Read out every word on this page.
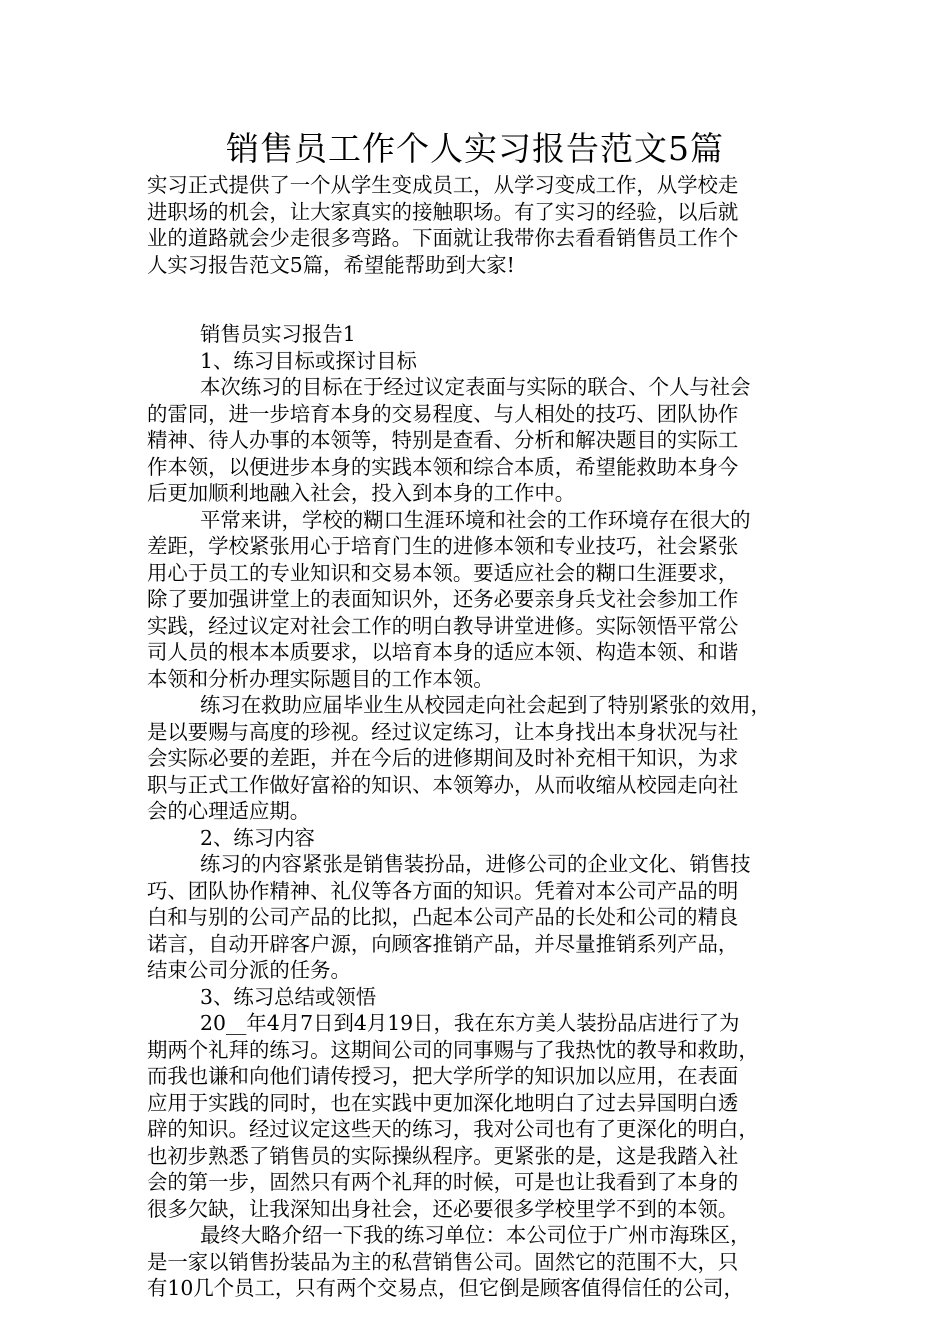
销售员工作个人实习报告范文5篇
实习正式提供了一个从学生变成员工，从学习变成工作，从学校走
进职场的机会，让大家真实的接触职场。有了实习的经验，以后就
业的道路就会少走很多弯路。下面就让我带你去看看销售员工作个
人实习报告范文5篇，希望能帮助到大家!
销售员实习报告1
1、练习目标或探讨目标
本次练习的目标在于经过议定表面与实际的联合、个人与社会
的雷同，进一步培育本身的交易程度、与人相处的技巧、团队协作
精神、待人办事的本领等，特别是查看、分析和解决题目的实际工
作本领，以便进步本身的实践本领和综合本质，希望能救助本身今
后更加顺利地融入社会，投入到本身的工作中。
平常来讲，学校的糊口生涯环境和社会的工作环境存在很大的
差距，学校紧张用心于培育门生的进修本领和专业技巧，社会紧张
用心于员工的专业知识和交易本领。要适应社会的糊口生涯要求，
除了要加强讲堂上的表面知识外，还务必要亲身兵戈社会参加工作
实践，经过议定对社会工作的明白教导讲堂进修。实际领悟平常公
司人员的根本本质要求，以培育本身的适应本领、构造本领、和谐
本领和分析办理实际题目的工作本领。
练习在救助应届毕业生从校园走向社会起到了特别紧张的效用，
是以要赐与高度的珍视。经过议定练习，让本身找出本身状况与社
会实际必要的差距，并在今后的进修期间及时补充相干知识，为求
职与正式工作做好富裕的知识、本领筹办，从而收缩从校园走向社
会的心理适应期。
2、练习内容
练习的内容紧张是销售装扮品，进修公司的企业文化、销售技
巧、团队协作精神、礼仪等各方面的知识。凭着对本公司产品的明
白和与别的公司产品的比拟，凸起本公司产品的长处和公司的精良
诺言，自动开辟客户源，向顾客推销产品，并尽量推销系列产品，
结束公司分派的任务。
3、练习总结或领悟
20__年4月7日到4月19日，我在东方美人装扮品店进行了为
期两个礼拜的练习。这期间公司的同事赐与了我热忱的教导和救助，
而我也谦和向他们请传授习，把大学所学的知识加以应用，在表面
应用于实践的同时，也在实践中更加深化地明白了过去异国明白透
辟的知识。经过议定这些天的练习，我对公司也有了更深化的明白，
也初步熟悉了销售员的实际操纵程序。更紧张的是，这是我踏入社
会的第一步，固然只有两个礼拜的时候，可是也让我看到了本身的
很多欠缺，让我深知出身社会，还必要很多学校里学不到的本领。
最终大略介绍一下我的练习单位：本公司位于广州市海珠区，
是一家以销售扮装品为主的私营销售公司。固然它的范围不大，只
有10几个员工，只有两个交易点，但它倒是顾客值得信任的公司，
